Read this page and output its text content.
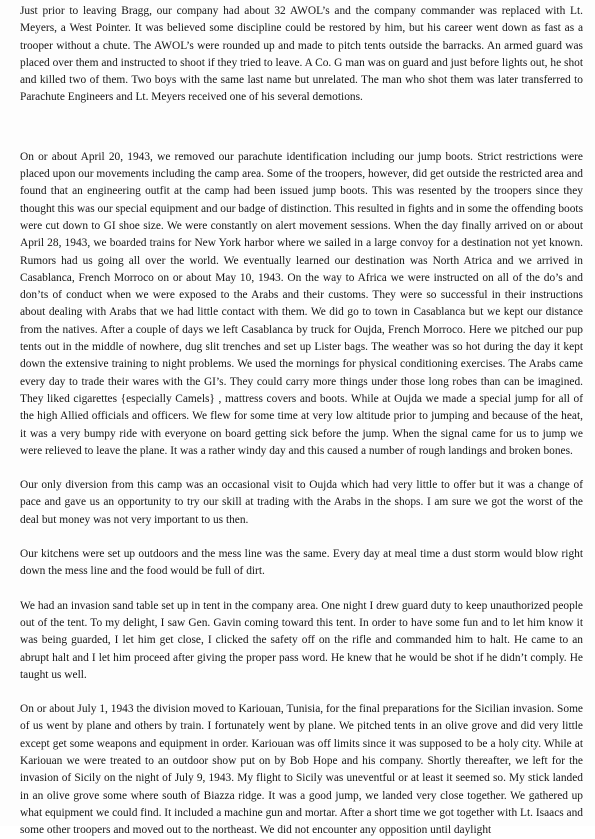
Just prior to leaving Bragg, our company had about 32 AWOL’s and the company commander was replaced with Lt. Meyers, a West Pointer. It was believed some discipline could be restored by him, but his career went down as fast as a trooper without a chute. The AWOL’s were rounded up and made to pitch tents outside the barracks. An armed guard was placed over them and instructed to shoot if they tried to leave. A Co. G man was on guard and just before lights out, he shot and killed two of them. Two boys with the same last name but unrelated. The man who shot them was later transferred to Parachute Engineers and Lt. Meyers received one of his several demotions.

On or about April 20, 1943, we removed our parachute identification including our jump boots. Strict restrictions were placed upon our movements including the camp area. Some of the troopers, however, did get outside the restricted area and found that an engineering outfit at the camp had been issued jump boots. This was resented by the troopers since they thought this was our special equipment and our badge of distinction. This resulted in fights and in some the offending boots were cut down to GI shoe size. We were constantly on alert movement sessions. When the day finally arrived on or about April 28, 1943, we boarded trains for New York harbor where we sailed in a large convoy for a destination not yet known. Rumors had us going all over the world. We eventually learned our destination was North Atrica and we arrived in Casablanca, French Morroco on or about May 10, 1943. On the way to Africa we were instructed on all of the do’s and don’ts of conduct when we were exposed to the Arabs and their customs. They were so successful in their instructions about dealing with Arabs that we had little contact with them. We did go to town in Casablanca but we kept our distance from the natives. After a couple of days we left Casablanca by truck for Oujda, French Morroco. Here we pitched our pup tents out in the middle of nowhere, dug slit trenches and set up Lister bags. The weather was so hot during the day it kept down the extensive training to night problems. We used the mornings for physical conditioning exercises. The Arabs came every day to trade their wares with the GI’s. They could carry more things under those long robes than can be imagined. They liked cigarettes {especially Camels} , mattress covers and boots. While at Oujda we made a special jump for all of the high Allied officials and officers. We flew for some time at very low altitude prior to jumping and because of the heat, it was a very bumpy ride with everyone on board getting sick before the jump. When the signal came for us to jump we were relieved to leave the plane. It was a rather windy day and this caused a number of rough landings and broken bones.

Our only diversion from this camp was an occasional visit to Oujda which had very little to offer but it was a change of pace and gave us an opportunity to try our skill at trading with the Arabs in the shops. I am sure we got the worst of the deal but money was not very important to us then.

Our kitchens were set up outdoors and the mess line was the same. Every day at meal time a dust storm would blow right down the mess line and the food would be full of dirt.

We had an invasion sand table set up in tent in the company area. One night I drew guard duty to keep unauthorized people out of the tent. To my delight, I saw Gen. Gavin coming toward this tent. In order to have some fun and to let him know it was being guarded, I let him get close, I clicked the safety off on the rifle and commanded him to halt. He came to an abrupt halt and I let him proceed after giving the proper pass word. He knew that he would be shot if he didn’t comply. He taught us well.

On or about July 1, 1943 the division moved to Kariouan, Tunisia, for the final preparations for the Sicilian invasion. Some of us went by plane and others by train. I fortunately went by plane. We pitched tents in an olive grove and did very little except get some weapons and equipment in order. Kariouan was off limits since it was supposed to be a holy city. While at Kariouan we were treated to an outdoor show put on by Bob Hope and his company. Shortly thereafter, we left for the invasion of Sicily on the night of July 9, 1943. My flight to Sicily was uneventful or at least it seemed so. My stick landed in an olive grove some where south of Biazza ridge. It was a good jump, we landed very close together. We gathered up what equipment we could find. It included a machine gun and mortar. After a short time we got together with Lt. Isaacs and some other troopers and moved out to the northeast. We did not encounter any opposition until daylight
